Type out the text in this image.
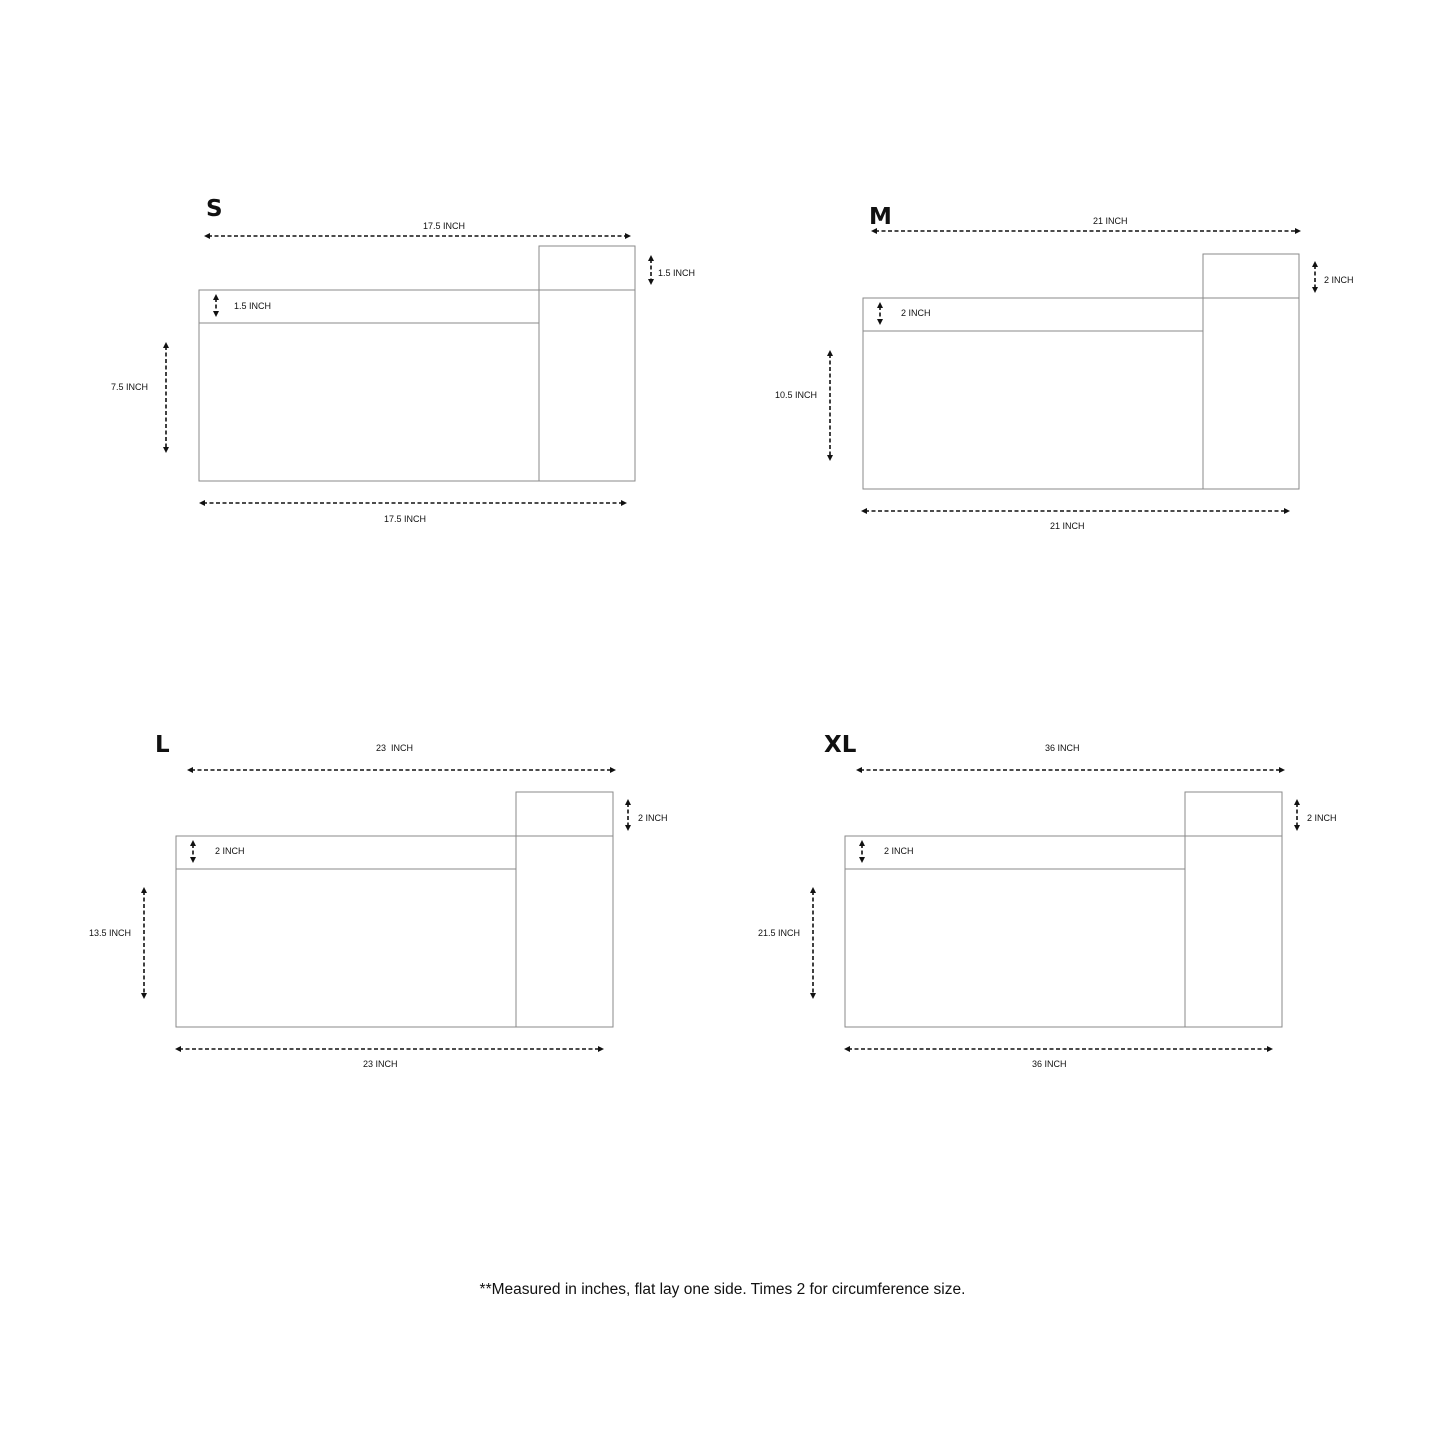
S
17.5 INCH
1.5 INCH
1.5 INCH
7.5 INCH
17.5 INCH
M	21 INCH
2 INCH
2 INCH
10.5 INCH
21 INCH
L	23  INCH
2 INCH
2 INCH
13.5 INCH
23 INCH
XL	36 INCH
2 INCH
2 INCH
21.5 INCH
36 INCH
**Measured in inches, flat lay one side. Times 2 for circumference size.
